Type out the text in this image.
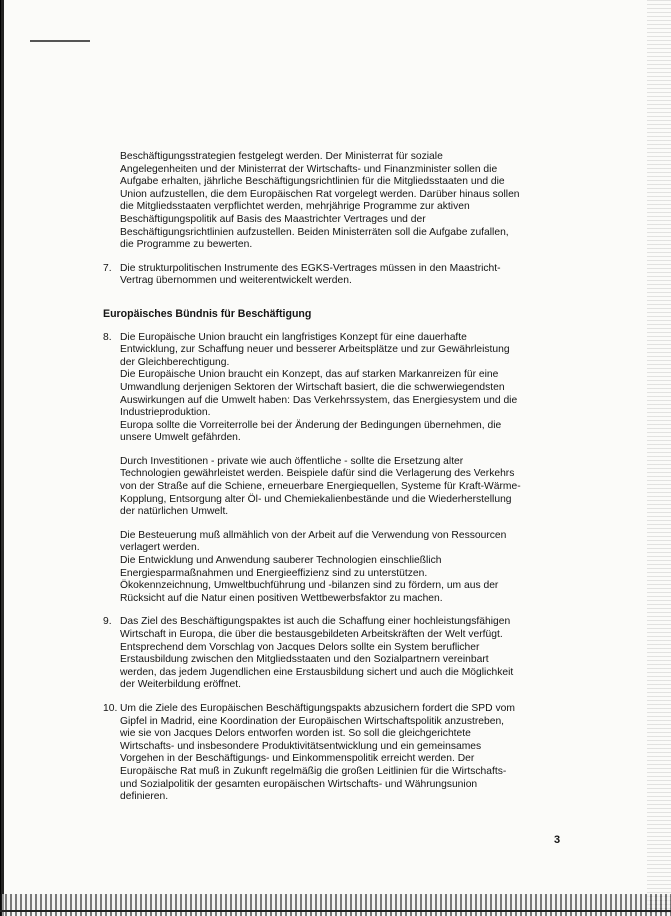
Beschäftigungsstrategien festgelegt werden. Der Ministerrat für soziale
Angelegenheiten und der Ministerrat der Wirtschafts- und Finanzminister sollen die
Aufgabe erhalten, jährliche Beschäftigungsrichtlinien für die Mitgliedsstaaten und die
Union aufzustellen, die dem Europäischen Rat vorgelegt werden. Darüber hinaus sollen
die Mitgliedsstaaten verpflichtet werden, mehrjährige Programme zur aktiven
Beschäftigungspolitik auf Basis des Maastrichter Vertrages und der
Beschäftigungsrichtlinien aufzustellen. Beiden Ministerräten soll die Aufgabe zufallen,
die Programme zu bewerten.
7. Die strukturpolitischen Instrumente des EGKS-Vertrages müssen in den Maastricht-
Vertrag übernommen und weiterentwickelt werden.
Europäisches Bündnis für Beschäftigung
8. Die Europäische Union braucht ein langfristiges Konzept für eine dauerhafte
Entwicklung, zur Schaffung neuer und besserer Arbeitsplätze und zur Gewährleistung
der Gleichberechtigung.
Die Europäische Union braucht ein Konzept, das auf starken Markanreizen für eine
Umwandlung derjenigen Sektoren der Wirtschaft basiert, die die schwerwiegendsten
Auswirkungen auf die Umwelt haben: Das Verkehrssystem, das Energiesystem und die
Industrieproduktion.
Europa sollte die Vorreiterrolle bei der Änderung der Bedingungen übernehmen, die
unsere Umwelt gefährden.
Durch Investitionen - private wie auch öffentliche - sollte die Ersetzung alter
Technologien gewährleistet werden. Beispiele dafür sind die Verlagerung des Verkehrs
von der Straße auf die Schiene, erneuerbare Energiequellen, Systeme für Kraft-Wärme-
Kopplung, Entsorgung alter Öl- und Chemiekalienbestände und die Wiederherstellung
der natürlichen Umwelt.
Die Besteuerung muß allmählich von der Arbeit auf die Verwendung von Ressourcen
verlagert werden.
Die Entwicklung und Anwendung sauberer Technologien einschließlich
Energiesparmaßnahmen und Energieeffizienz sind zu unterstützen.
Ökokennzeichnung, Umweltbuchführung und -bilanzen sind zu fördern, um aus der
Rücksicht auf die Natur einen positiven Wettbewerbsfaktor zu machen.
9. Das Ziel des Beschäftigungspaktes ist auch die Schaffung einer hochleistungsfähigen
Wirtschaft in Europa, die über die bestausgebildeten Arbeitskräften der Welt verfügt.
Entsprechend dem Vorschlag von Jacques Delors sollte ein System beruflicher
Erstausbildung zwischen den Mitgliedsstaaten und den Sozialpartnern vereinbart
werden, das jedem Jugendlichen eine Erstausbildung sichert und auch die Möglichkeit
der Weiterbildung eröffnet.
10. Um die Ziele des Europäischen Beschäftigungspakts abzusichern fordert die SPD vom
Gipfel in Madrid, eine Koordination der Europäischen Wirtschaftspolitik anzustreben,
wie sie von Jacques Delors entworfen worden ist. So soll die gleichgerichtete
Wirtschafts- und insbesondere Produktivitätsentwicklung und ein gemeinsames
Vorgehen in der Beschäftigungs- und Einkommenspolitik erreicht werden. Der
Europäische Rat muß in Zukunft regelmäßig die großen Leitlinien für die Wirtschafts-
und Sozialpolitik der gesamten europäischen Wirtschafts- und Währungsunion
definieren.
3
